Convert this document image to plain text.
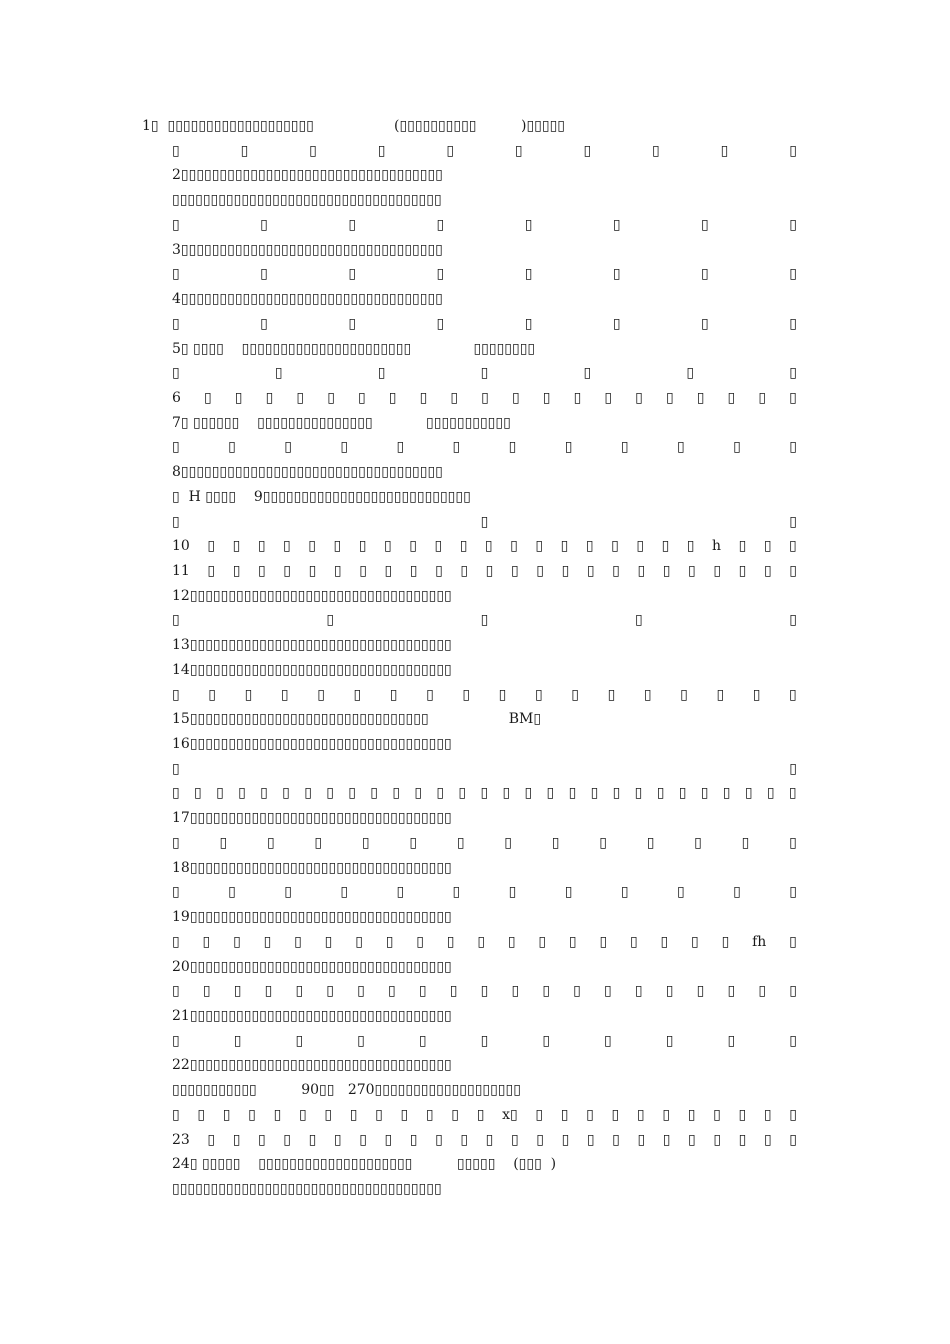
1▯  ▯▯▯▯▯▯▯▯▯▯▯▯▯▯▯▯▯▯▯                  (▯▯▯▯▯▯▯▯▯▯          )▯▯▯▯▯
▯	▯	▯	▯	▯	▯	▯	▯	▯	▯
2▯▯▯▯▯▯▯▯▯▯▯▯▯▯▯▯▯▯▯▯▯▯▯▯▯▯▯▯▯▯▯▯▯▯
▯▯▯▯▯▯▯▯▯▯▯▯▯▯▯▯▯▯▯▯▯▯▯▯▯▯▯▯▯▯▯▯▯▯▯
▯	▯	▯	▯	▯	▯	▯	▯
3▯▯▯▯▯▯▯▯▯▯▯▯▯▯▯▯▯▯▯▯▯▯▯▯▯▯▯▯▯▯▯▯▯▯
▯	▯	▯	▯	▯	▯	▯	▯
4▯▯▯▯▯▯▯▯▯▯▯▯▯▯▯▯▯▯▯▯▯▯▯▯▯▯▯▯▯▯▯▯▯▯
▯	▯	▯	▯	▯	▯	▯	▯
5▯ ▯▯▯▯    ▯▯▯▯▯▯▯▯▯▯▯▯▯▯▯▯▯▯▯▯▯▯              ▯▯▯▯▯▯▯▯
▯	▯	▯	▯	▯	▯	▯
6 ▯ ▯ ▯ ▯ ▯ ▯ ▯ ▯ ▯ ▯ ▯ ▯ ▯ ▯ ▯ ▯ ▯ ▯ ▯ ▯
7▯ ▯▯▯▯▯▯    ▯▯▯▯▯▯▯▯▯▯▯▯▯▯▯            ▯▯▯▯▯▯▯▯▯▯▯
▯	▯	▯	▯	▯	▯	▯	▯	▯	▯	▯	▯
8▯▯▯▯▯▯▯▯▯▯▯▯▯▯▯▯▯▯▯▯▯▯▯▯▯▯▯▯▯▯▯▯▯▯
▯  H ▯▯▯▯    9▯▯▯▯▯▯▯▯▯▯▯▯▯▯▯▯▯▯▯▯▯▯▯▯▯▯▯
▯	▯	▯
10 ▯ ▯ ▯ ▯ ▯ ▯ ▯ ▯ ▯ ▯ ▯ ▯ ▯ ▯ ▯ ▯ ▯ ▯ ▯ ▯ h ▯ ▯ ▯
11 ▯ ▯ ▯ ▯ ▯ ▯ ▯ ▯ ▯ ▯ ▯ ▯ ▯ ▯ ▯ ▯ ▯ ▯ ▯ ▯ ▯ ▯ ▯ ▯
12▯▯▯▯▯▯▯▯▯▯▯▯▯▯▯▯▯▯▯▯▯▯▯▯▯▯▯▯▯▯▯▯▯▯
▯	▯	▯	▯	▯
13▯▯▯▯▯▯▯▯▯▯▯▯▯▯▯▯▯▯▯▯▯▯▯▯▯▯▯▯▯▯▯▯▯▯
14▯▯▯▯▯▯▯▯▯▯▯▯▯▯▯▯▯▯▯▯▯▯▯▯▯▯▯▯▯▯▯▯▯▯
▯ ▯ ▯ ▯ ▯ ▯ ▯ ▯ ▯ ▯ ▯ ▯ ▯ ▯ ▯ ▯ ▯ ▯
15▯▯▯▯▯▯▯▯▯▯▯▯▯▯▯▯▯▯▯▯▯▯▯▯▯▯▯▯▯▯▯                  BM▯
16▯▯▯▯▯▯▯▯▯▯▯▯▯▯▯▯▯▯▯▯▯▯▯▯▯▯▯▯▯▯▯▯▯▯
▯	▯
▯ ▯ ▯ ▯ ▯ ▯ ▯ ▯ ▯ ▯ ▯ ▯ ▯ ▯ ▯ ▯ ▯ ▯ ▯ ▯ ▯ ▯ ▯ ▯ ▯ ▯ ▯ ▯ ▯
17▯▯▯▯▯▯▯▯▯▯▯▯▯▯▯▯▯▯▯▯▯▯▯▯▯▯▯▯▯▯▯▯▯▯
▯	▯	▯	▯	▯	▯	▯	▯	▯	▯	▯	▯	▯	▯
18▯▯▯▯▯▯▯▯▯▯▯▯▯▯▯▯▯▯▯▯▯▯▯▯▯▯▯▯▯▯▯▯▯▯
▯	▯	▯	▯	▯	▯	▯	▯	▯	▯	▯	▯
19▯▯▯▯▯▯▯▯▯▯▯▯▯▯▯▯▯▯▯▯▯▯▯▯▯▯▯▯▯▯▯▯▯▯
▯ ▯ ▯ ▯ ▯ ▯ ▯ ▯ ▯ ▯ ▯ ▯ ▯ ▯ ▯ ▯ ▯ ▯ ▯ fh ▯
20▯▯▯▯▯▯▯▯▯▯▯▯▯▯▯▯▯▯▯▯▯▯▯▯▯▯▯▯▯▯▯▯▯▯
▯ ▯ ▯ ▯ ▯ ▯ ▯ ▯ ▯ ▯ ▯ ▯ ▯ ▯ ▯ ▯ ▯ ▯ ▯ ▯ ▯
21▯▯▯▯▯▯▯▯▯▯▯▯▯▯▯▯▯▯▯▯▯▯▯▯▯▯▯▯▯▯▯▯▯▯
▯	▯	▯	▯	▯	▯	▯	▯	▯	▯	▯
22▯▯▯▯▯▯▯▯▯▯▯▯▯▯▯▯▯▯▯▯▯▯▯▯▯▯▯▯▯▯▯▯▯▯
▯▯▯▯▯▯▯▯▯▯▯          90▯▯   270▯▯▯▯▯▯▯▯▯▯▯▯▯▯▯▯▯▯▯
▯ ▯ ▯ ▯ ▯ ▯ ▯ ▯ ▯ ▯ ▯ ▯ ▯ x▯ ▯ ▯ ▯ ▯ ▯ ▯ ▯ ▯ ▯ ▯ ▯
23 ▯ ▯ ▯ ▯ ▯ ▯ ▯ ▯ ▯ ▯ ▯ ▯ ▯ ▯ ▯ ▯ ▯ ▯ ▯ ▯ ▯ ▯ ▯ ▯
24▯ ▯▯▯▯▯    ▯▯▯▯▯▯▯▯▯▯▯▯▯▯▯▯▯▯▯▯          ▯▯▯▯▯    (▯▯▯  )
▯▯▯▯▯▯▯▯▯▯▯▯▯▯▯▯▯▯▯▯▯▯▯▯▯▯▯▯▯▯▯▯▯▯▯
